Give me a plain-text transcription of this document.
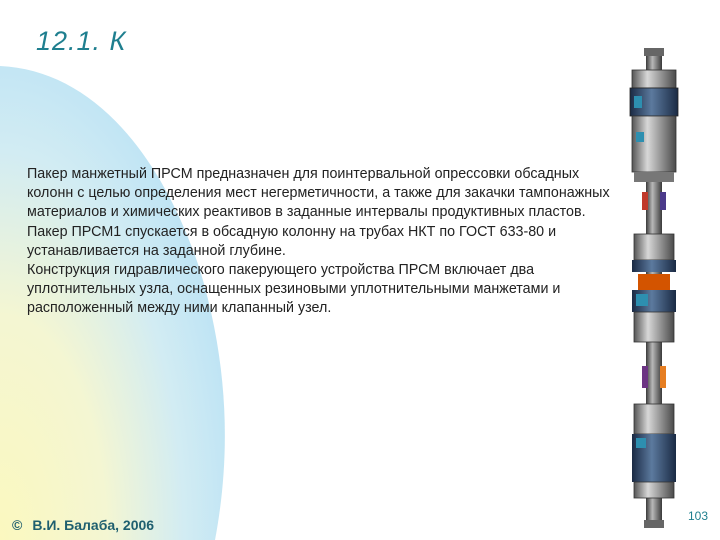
12.1. К

Пакер манжетный ПРСМ предназначен для поинтервальной опрессовки обсадных колонн с целью определения мест негерметичности, а также для закачки тампонажных материалов и химических реактивов в заданные интервалы продуктивных пластов.

Пакер ПРСМ1 спускается в обсадную колонну на трубах НКТ по ГОСТ 633-80 и устанавливается на заданной глубине.

Конструкция гидравлического пакерующего устройства ПРСМ включает два уплотнительных узла, оснащенных резиновыми уплотнительными манжетами и расположенный между ними клапанный узел.

© В.И. Балаба, 2006
103
